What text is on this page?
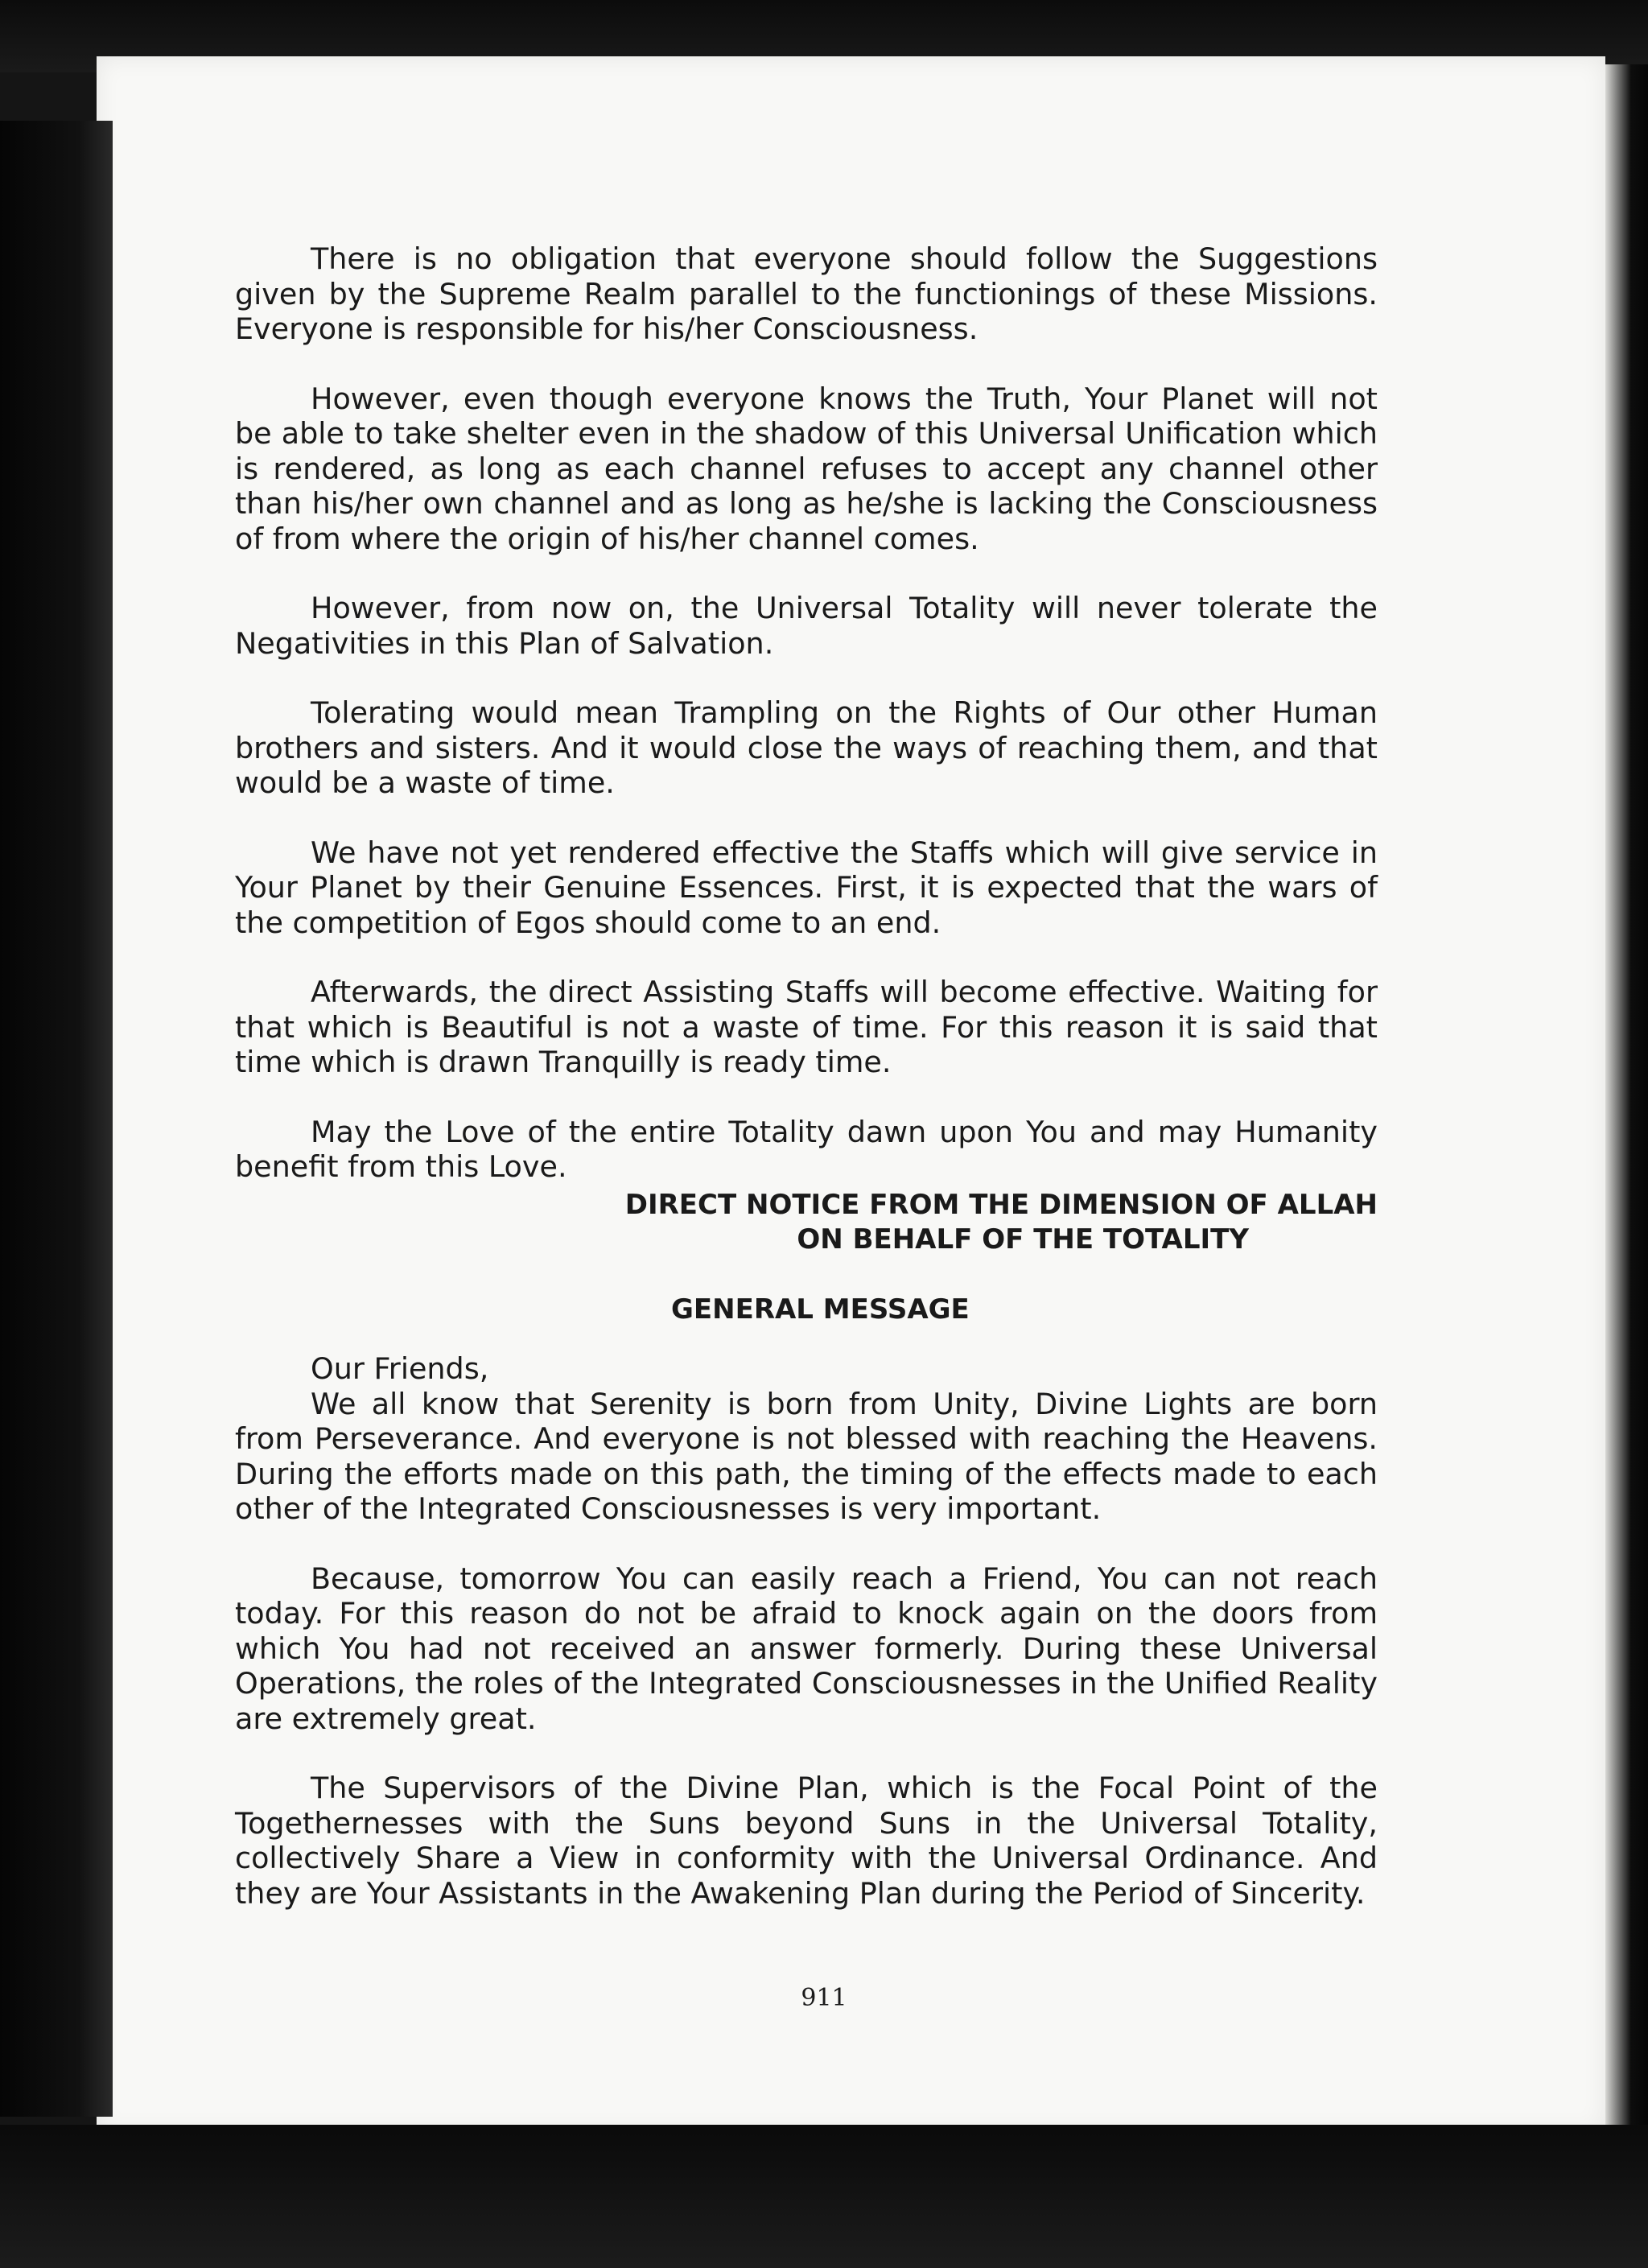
There is no obligation that everyone should follow the Suggestions given by the Supreme Realm parallel to the functionings of these Missions. Everyone is responsible for his/her Consciousness.

However, even though everyone knows the Truth, Your Planet will not be able to take shelter even in the shadow of this Universal Unification which is rendered, as long as each channel refuses to accept any channel other than his/her own channel and as long as he/she is lacking the Consciousness of from where the origin of his/her channel comes.

However, from now on, the Universal Totality will never tolerate the Negativities in this Plan of Salvation.

Tolerating would mean Trampling on the Rights of Our other Human brothers and sisters. And it would close the ways of reaching them, and that would be a waste of time.

We have not yet rendered effective the Staffs which will give service in Your Planet by their Genuine Essences. First, it is expected that the wars of the competition of Egos should come to an end.

Afterwards, the direct Assisting Staffs will become effective. Waiting for that which is Beautiful is not a waste of time. For this reason it is said that time which is drawn Tranquilly is ready time.

May the Love of the entire Totality dawn upon You and may Humanity benefit from this Love.

DIRECT NOTICE FROM THE DIMENSION OF ALLAH
ON BEHALF OF THE TOTALITY
GENERAL MESSAGE

Our Friends,

We all know that Serenity is born from Unity, Divine Lights are born from Perseverance. And everyone is not blessed with reaching the Heavens. During the efforts made on this path, the timing of the effects made to each other of the Integrated Consciousnesses is very important.

Because, tomorrow You can easily reach a Friend, You can not reach today. For this reason do not be afraid to knock again on the doors from which You had not received an answer formerly. During these Universal Operations, the roles of the Integrated Consciousnesses in the Unified Reality are extremely great.

The Supervisors of the Divine Plan, which is the Focal Point of the Togethernesses with the Suns beyond Suns in the Universal Totality, collectively Share a View in conformity with the Universal Ordinance. And they are Your Assistants in the Awakening Plan during the Period of Sincerity.

911
